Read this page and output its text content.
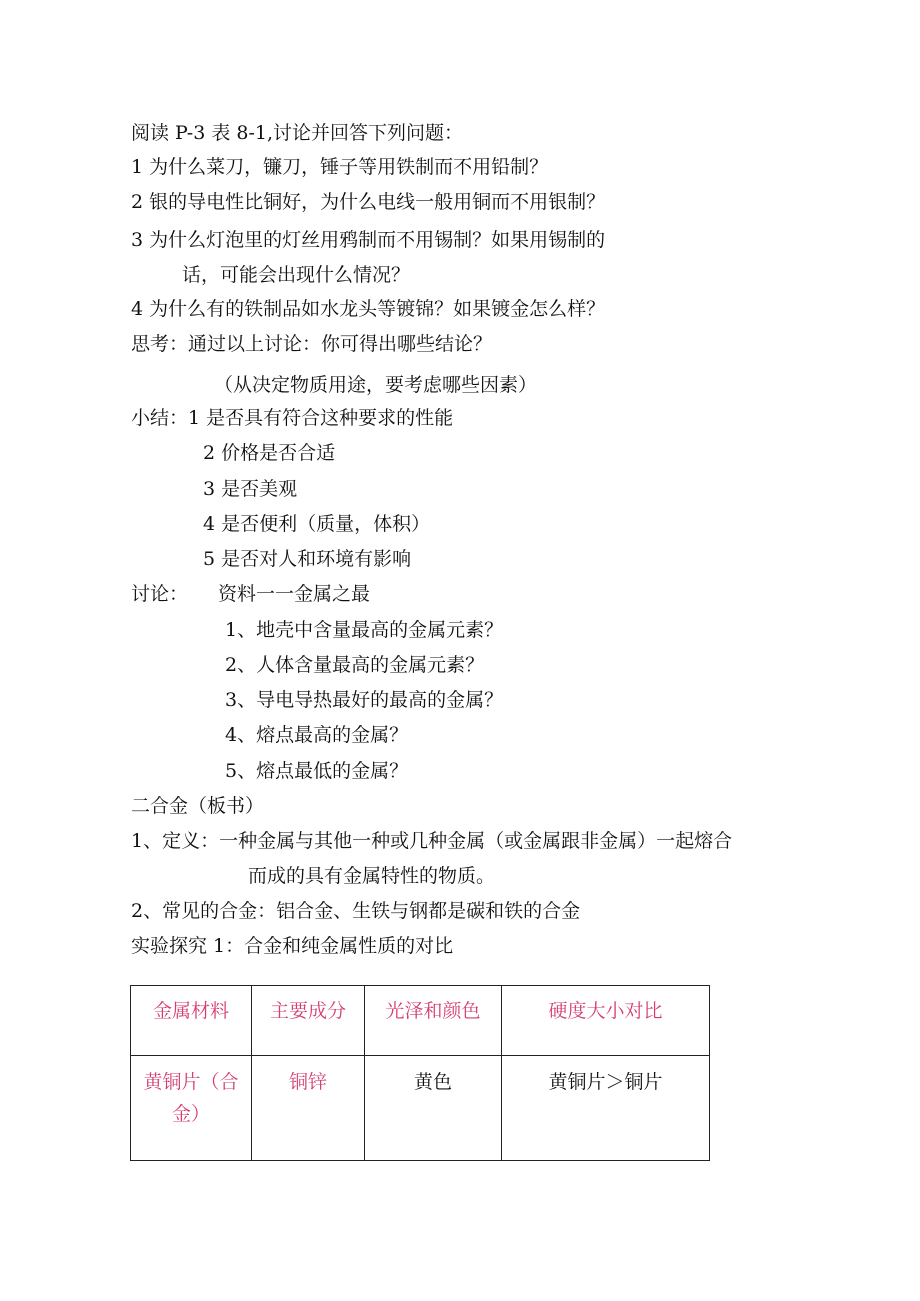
阅读 P-3 表 8-1,讨论并回答下列问题：
1 为什么菜刀，镰刀，锤子等用铁制而不用铅制？
2 银的导电性比铜好，为什么电线一般用铜而不用银制？
3 为什么灯泡里的灯丝用鸦制而不用锡制？如果用锡制的
话，可能会出现什么情况？
4 为什么有的铁制品如水龙头等镀锦？如果镀金怎么样？
思考：通过以上讨论：你可得出哪些结论？
（从决定物质用途，要考虑哪些因素）
小结：1 是否具有符合这种要求的性能
2 价格是否合适
3 是否美观
4 是否便利（质量，体积）
5 是否对人和环境有影响
讨论： 资料一一金属之最
1、地壳中含量最高的金属元素？
2、人体含量最高的金属元素？
3、导电导热最好的最高的金属？
4、熔点最高的金属？
5、熔点最低的金属？
二合金（板书）
1、定义：一种金属与其他一种或几种金属（或金属跟非金属）一起熔合
而成的具有金属特性的物质。
2、常见的合金：铝合金、生铁与钢都是碳和铁的合金
实验探究 1：合金和纯金属性质的对比
金属材料	主要成分	光泽和颜色	硬度大小对比

黄铜片（合
金）	铜锌	黄色	黄铜片＞铜片
